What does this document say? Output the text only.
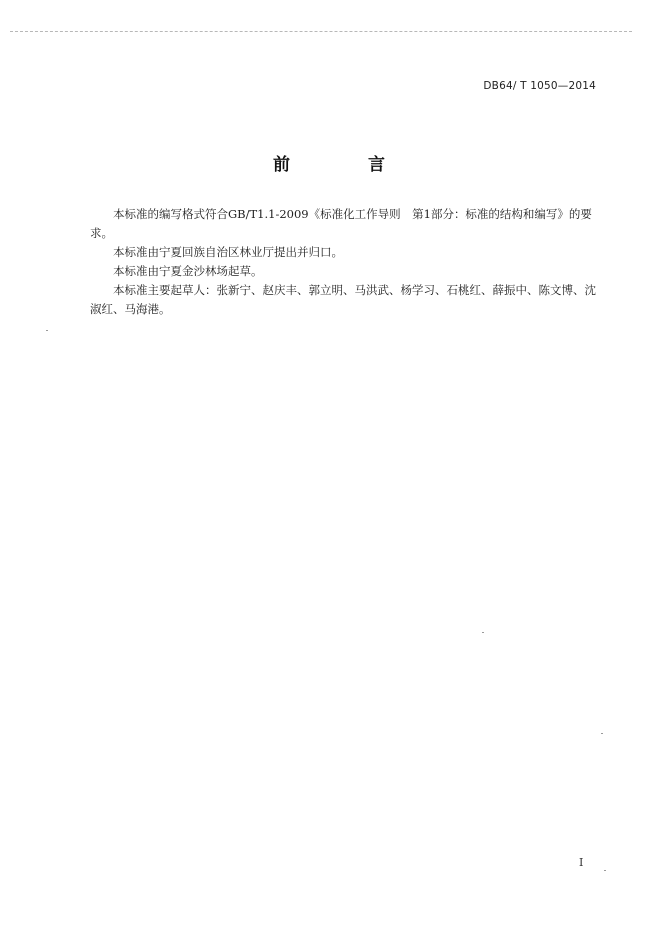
DB64/ T 1050—2014
前 言

本标准的编写格式符合GB/T1.1-2009《标准化工作导则　第1部分：标准的结构和编写》的要求。

本标准由宁夏回族自治区林业厅提出并归口。

本标准由宁夏金沙林场起草。

本标准主要起草人：张新宁、赵庆丰、郭立明、马洪武、杨学习、石桃红、薛振中、陈文博、沈淑红、马海港。

I
